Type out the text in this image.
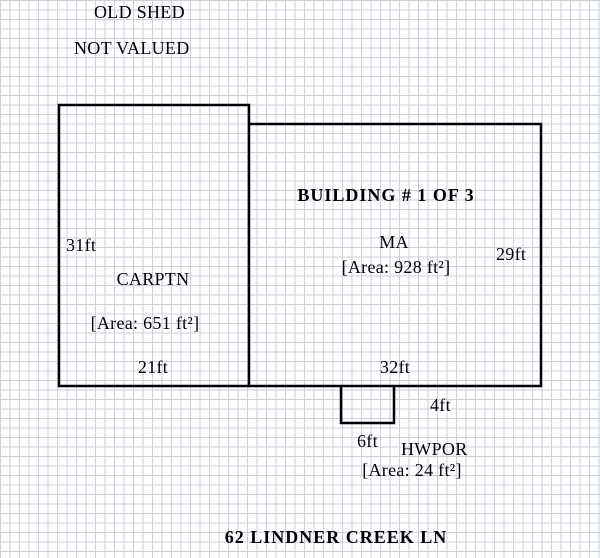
OLD SHED
NOT VALUED
BUILDING # 1 OF 3
MA
[Area: 928 ft²]
29ft
32ft
31ft
CARPTN
[Area: 651 ft²]
21ft
4ft
6ft HWPOR
[Area: 24 ft²]
62 LINDNER CREEK LN
